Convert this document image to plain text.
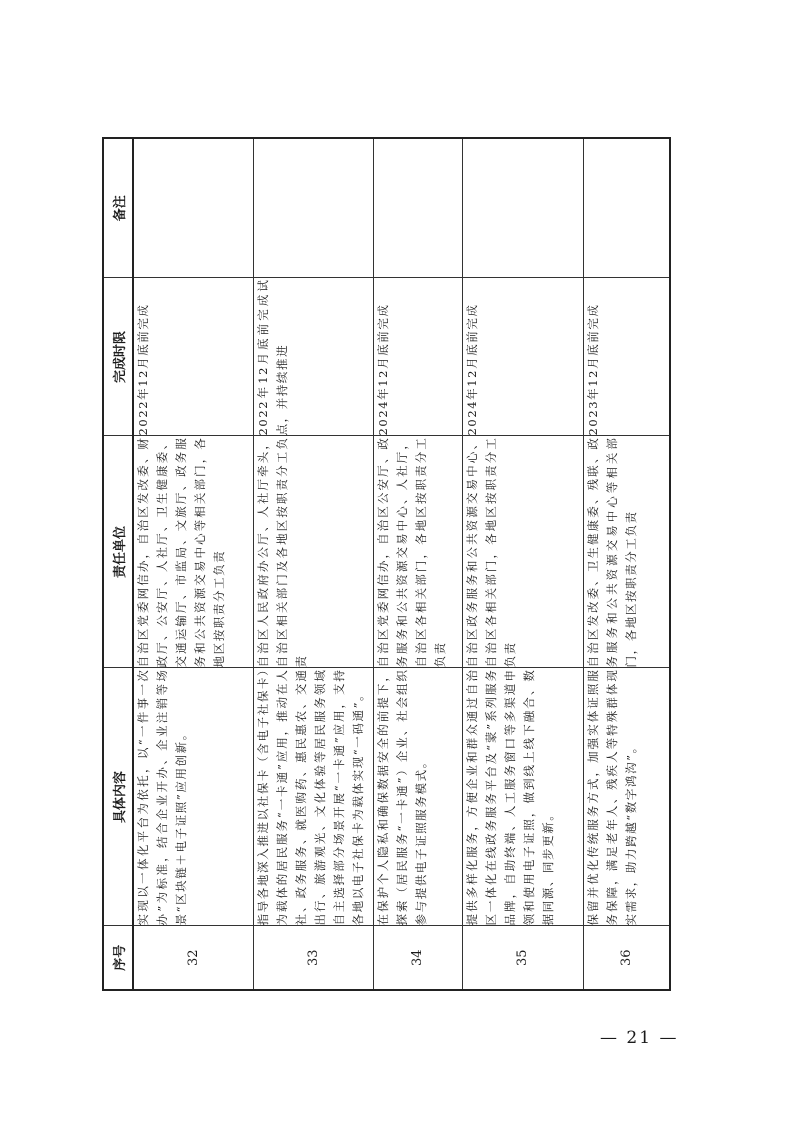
序号	具体内容	责任单位	完成时限	备注
32	实现以一体化平台为依托，以“一件事一次办”为标准，结合企业开办、企业注销等场景“区块链＋电子证照”应用创新。	自治区党委网信办，自治区发改委、财政厅、公安厅、人社厅、卫生健康委、交通运输厅、市监局、文旅厅、政务服务和公共资源交易中心等相关部门，各地区按职责分工负责	2022年12月底前完成	
33	指导各地深入推进以社保卡（含电子社保卡）为载体的居民服务“一卡通”应用，推动在人社、政务服务、就医购药、惠民惠农、交通出行、旅游观光、文化体验等居民服务领域自主选择部分场景开展“一卡通”应用，支持各地以电子社保卡为载体实现“一码通”。	自治区人民政府办公厅、人社厅牵头，自治区相关部门及各地区按职责分工负责	2022年12月底前完成试点，并持续推进	
34	在保护个人隐私和确保数据安全的前提下，探索（居民服务“一卡通”）企业、社会组织参与提供电子证照服务模式。	自治区党委网信办，自治区公安厅、政务服务和公共资源交易中心、人社厅，自治区各相关部门，各地区按职责分工负责	2024年12月底前完成	
35	提供多样化服务，方便企业和群众通过自治区一体化在线政务服务平台及“蒙”系列服务品牌，自助终端、人工服务窗口等多渠道申领和使用电子证照，做到线上线下融合、数据同源、同步更新。	自治区政务服务和公共资源交易中心、自治区各相关部门，各地区按职责分工负责	2024年12月底前完成	
36	保留并优化传统服务方式，加强实体证照服务保障，满足老年人、残疾人等特殊群体现实需求，助力跨越“数字鸿沟”。	自治区发改委、卫生健康委、残联、政务服务和公共资源交易中心等相关部门，各地区按职责分工负责	2023年12月底前完成	
— 21 —
